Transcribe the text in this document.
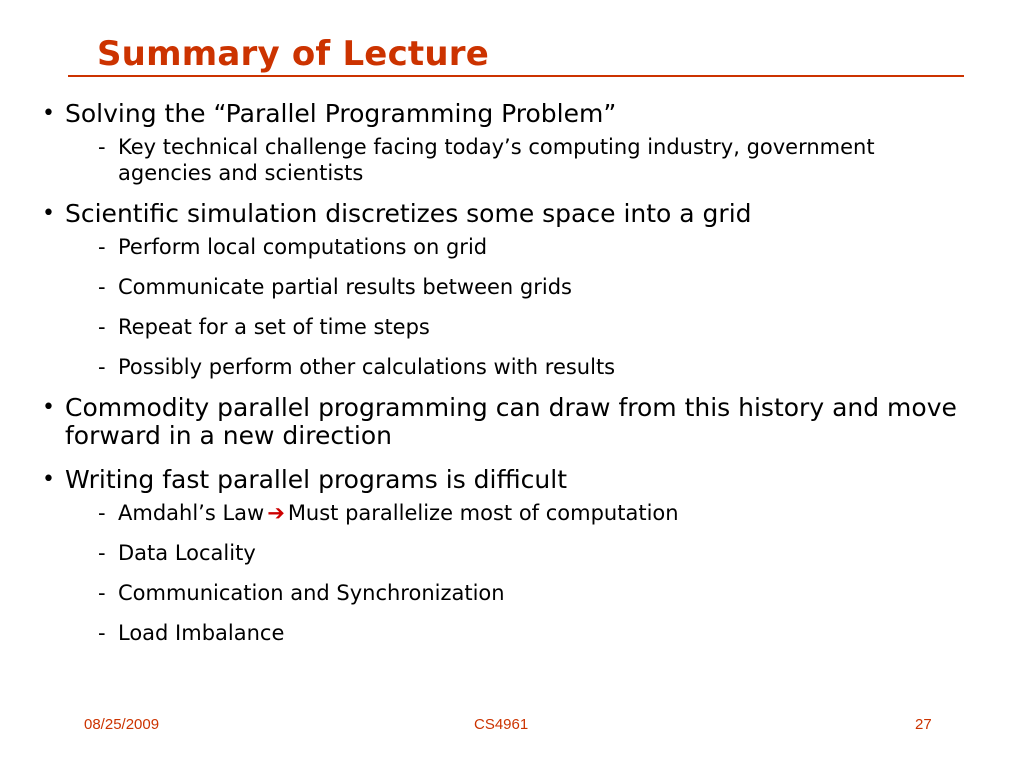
Summary of Lecture
• Solving the “Parallel Programming Problem”
- Key technical challenge facing today’s computing industry, government agencies and scientists
• Scientific simulation discretizes some space into a grid
- Perform local computations on grid
- Communicate partial results between grids
- Repeat for a set of time steps
- Possibly perform other calculations with results
• Commodity parallel programming can draw from this history and move forward in a new direction
• Writing fast parallel programs is difficult
- Amdahl’s Law ➔ Must parallelize most of computation
- Data Locality
- Communication and Synchronization
- Load Imbalance
08/25/2009	CS4961	27
